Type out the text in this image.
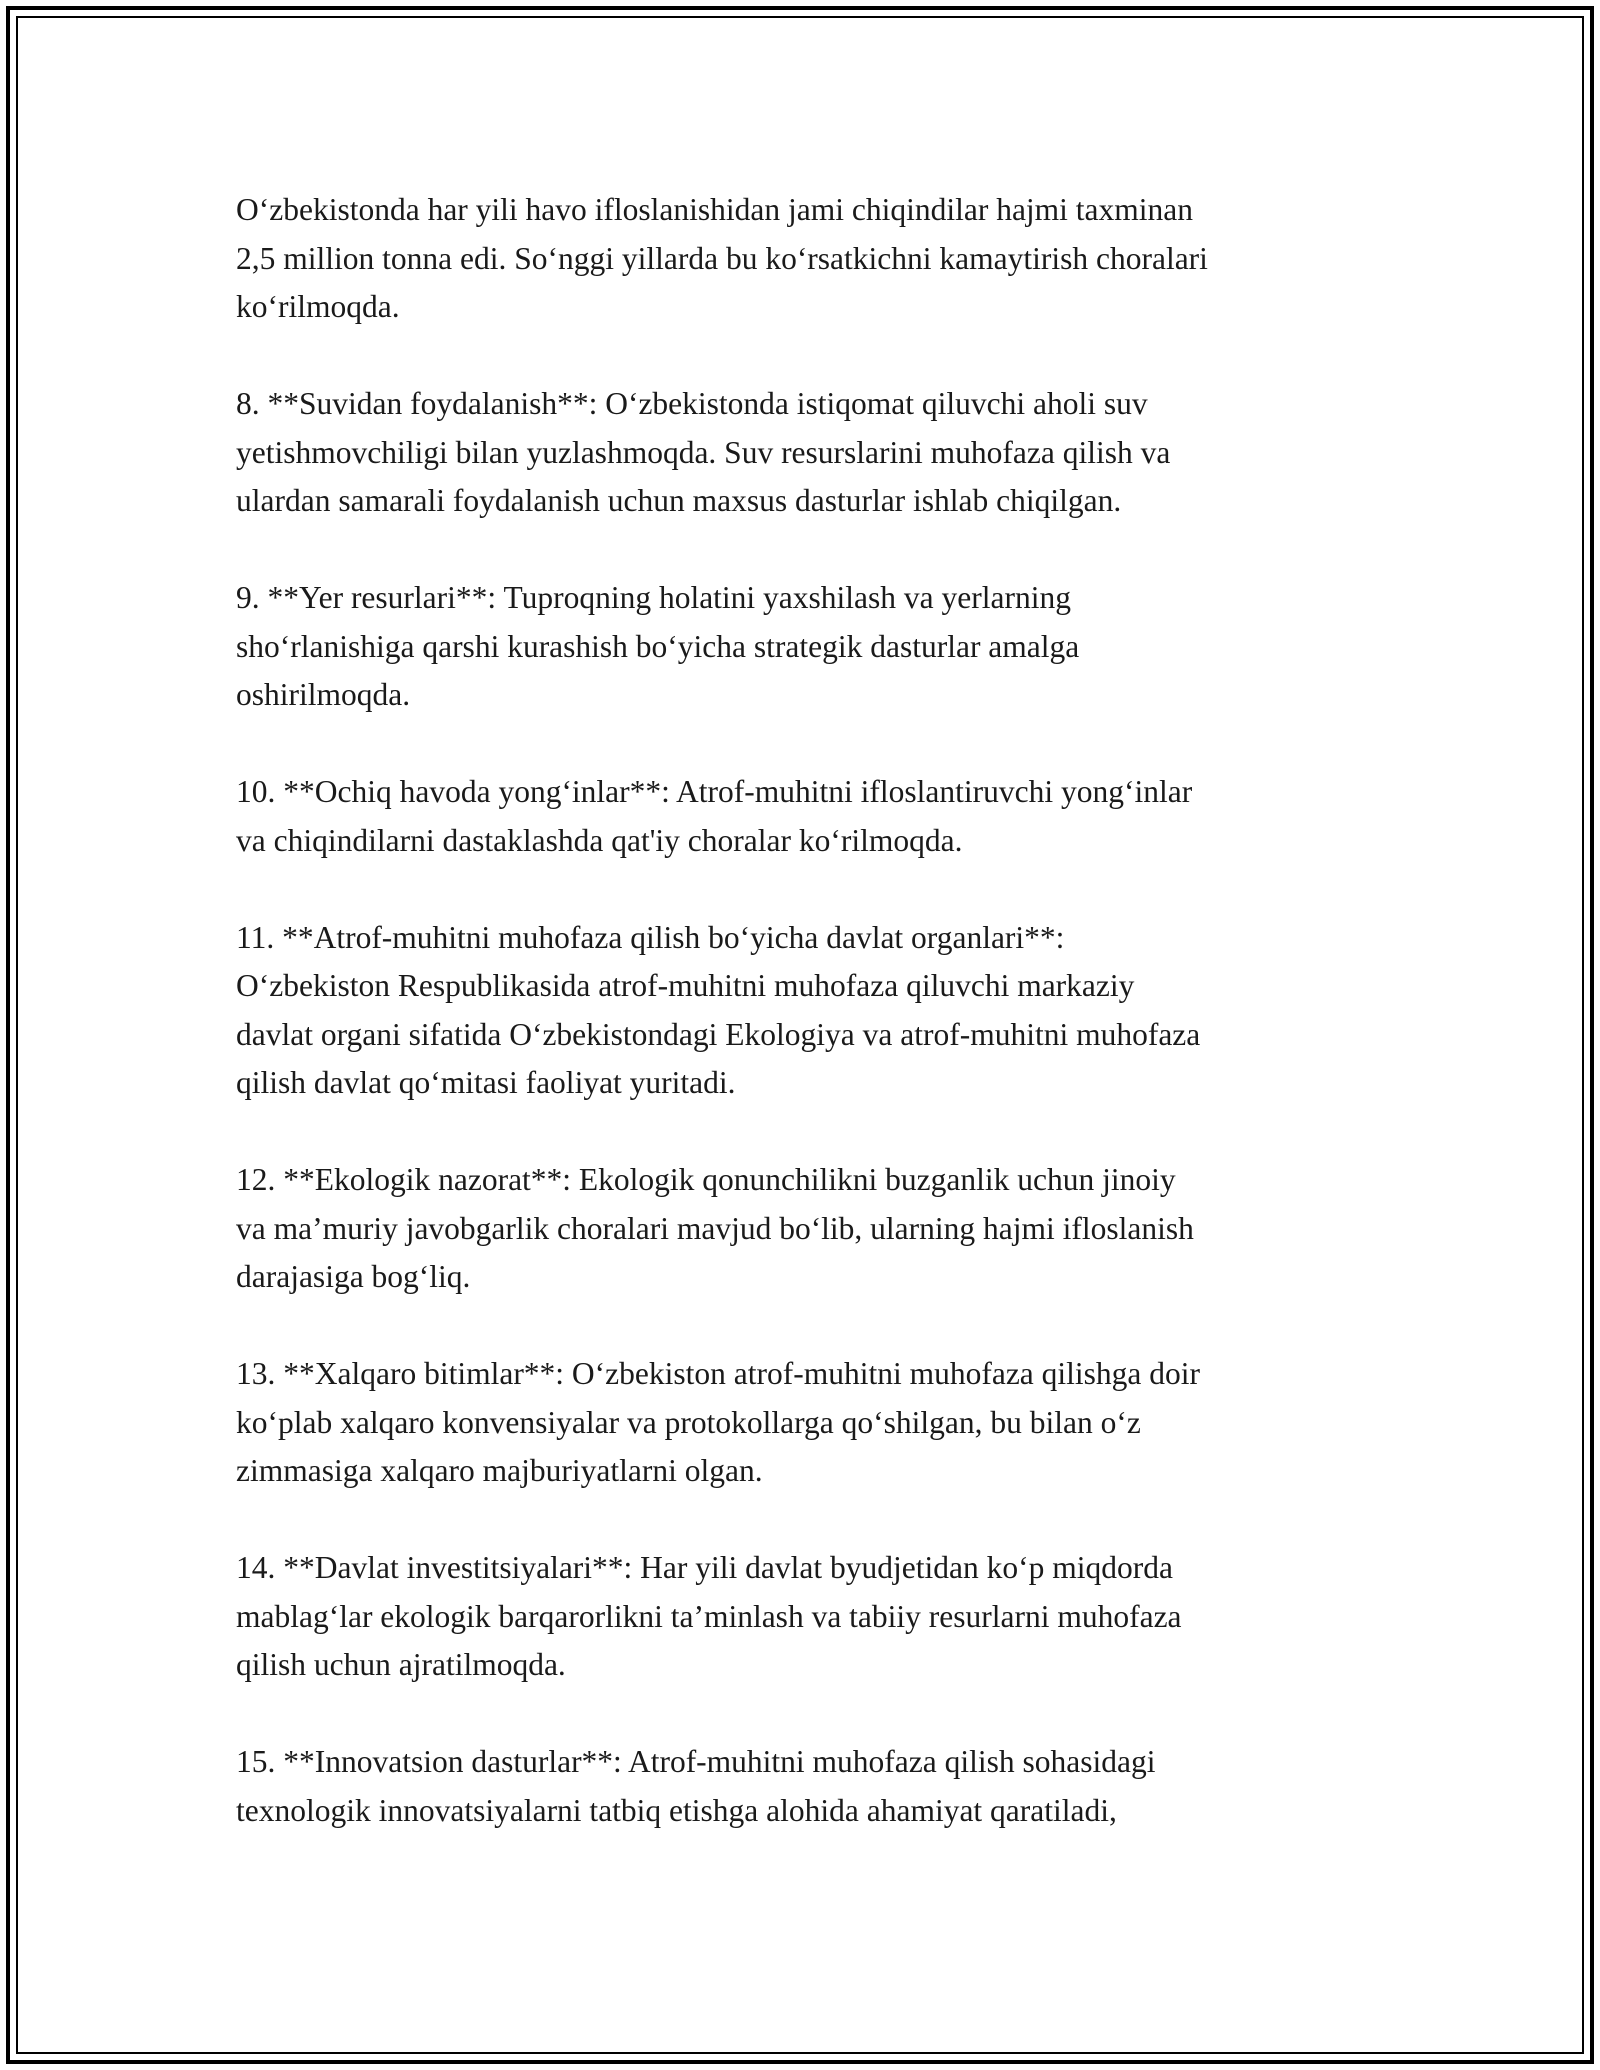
O‘zbekistonda har yili havo ifloslanishidan jami chiqindilar hajmi taxminan
2,5 million tonna edi. So‘nggi yillarda bu ko‘rsatkichni kamaytirish choralari
ko‘rilmoqda.

8. **Suvidan foydalanish**: O‘zbekistonda istiqomat qiluvchi aholi suv
yetishmovchiligi bilan yuzlashmoqda. Suv resurslarini muhofaza qilish va
ulardan samarali foydalanish uchun maxsus dasturlar ishlab chiqilgan.

9. **Yer resurlari**: Tuproqning holatini yaxshilash va yerlarning
sho‘rlanishiga qarshi kurashish bo‘yicha strategik dasturlar amalga
oshirilmoqda.

10. **Ochiq havoda yong‘inlar**: Atrof-muhitni ifloslantiruvchi yong‘inlar
va chiqindilarni dastaklashda qat'iy choralar ko‘rilmoqda.

11. **Atrof-muhitni muhofaza qilish bo‘yicha davlat organlari**:
O‘zbekiston Respublikasida atrof-muhitni muhofaza qiluvchi markaziy
davlat organi sifatida O‘zbekistondagi Ekologiya va atrof-muhitni muhofaza
qilish davlat qo‘mitasi faoliyat yuritadi.

12. **Ekologik nazorat**: Ekologik qonunchilikni buzganlik uchun jinoiy
va ma’muriy javobgarlik choralari mavjud bo‘lib, ularning hajmi ifloslanish
darajasiga bog‘liq.

13. **Xalqaro bitimlar**: O‘zbekiston atrof-muhitni muhofaza qilishga doir
ko‘plab xalqaro konvensiyalar va protokollarga qo‘shilgan, bu bilan o‘z
zimmasiga xalqaro majburiyatlarni olgan.

14. **Davlat investitsiyalari**: Har yili davlat byudjetidan ko‘p miqdorda
mablag‘lar ekologik barqarorlikni ta’minlash va tabiiy resurlarni muhofaza
qilish uchun ajratilmoqda.

15. **Innovatsion dasturlar**: Atrof-muhitni muhofaza qilish sohasidagi
texnologik innovatsiyalarni tatbiq etishga alohida ahamiyat qaratiladi,
